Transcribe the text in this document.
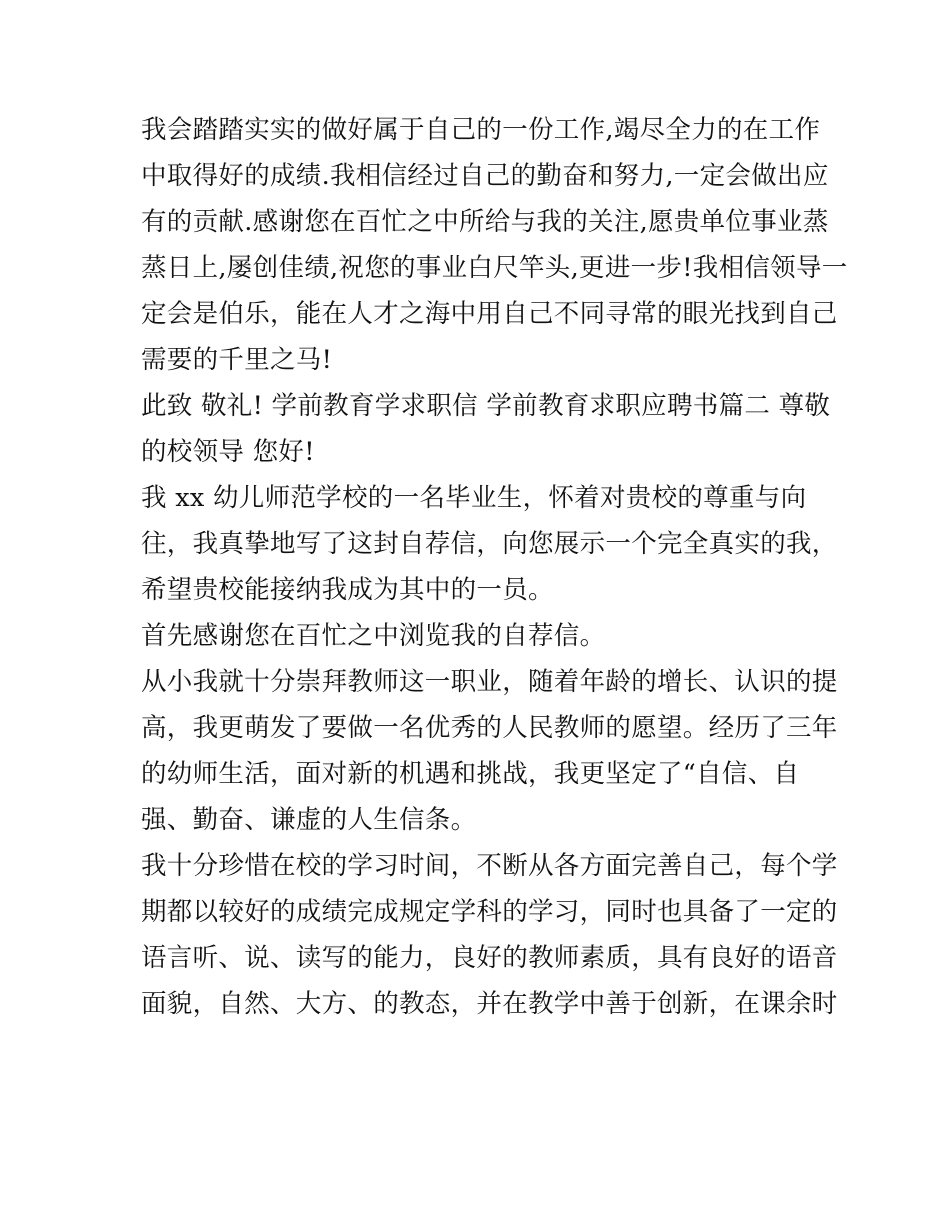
我会踏踏实实的做好属于自己的一份工作,竭尽全力的在工作
中取得好的成绩.我相信经过自己的勤奋和努力,一定会做出应
有的贡献.感谢您在百忙之中所给与我的关注,愿贵单位事业蒸
蒸日上,屡创佳绩,祝您的事业白尺竿头,更进一步!我相信领导一
定会是伯乐，能在人才之海中用自己不同寻常的眼光找到自己
需要的千里之马!
此致 敬礼! 学前教育学求职信 学前教育求职应聘书篇二 尊敬
的校领导 您好!
我 xx 幼儿师范学校的一名毕业生，怀着对贵校的尊重与向
往，我真挚地写了这封自荐信，向您展示一个完全真实的我，
希望贵校能接纳我成为其中的一员。
首先感谢您在百忙之中浏览我的自荐信。
从小我就十分崇拜教师这一职业，随着年龄的增长、认识的提
高，我更萌发了要做一名优秀的人民教师的愿望。经历了三年
的幼师生活，面对新的机遇和挑战，我更坚定了“自信、自
强、勤奋、谦虚的人生信条。
我十分珍惜在校的学习时间，不断从各方面完善自己，每个学
期都以较好的成绩完成规定学科的学习，同时也具备了一定的
语言听、说、读写的能力，良好的教师素质，具有良好的语音
面貌，自然、大方、的教态，并在教学中善于创新，在课余时
